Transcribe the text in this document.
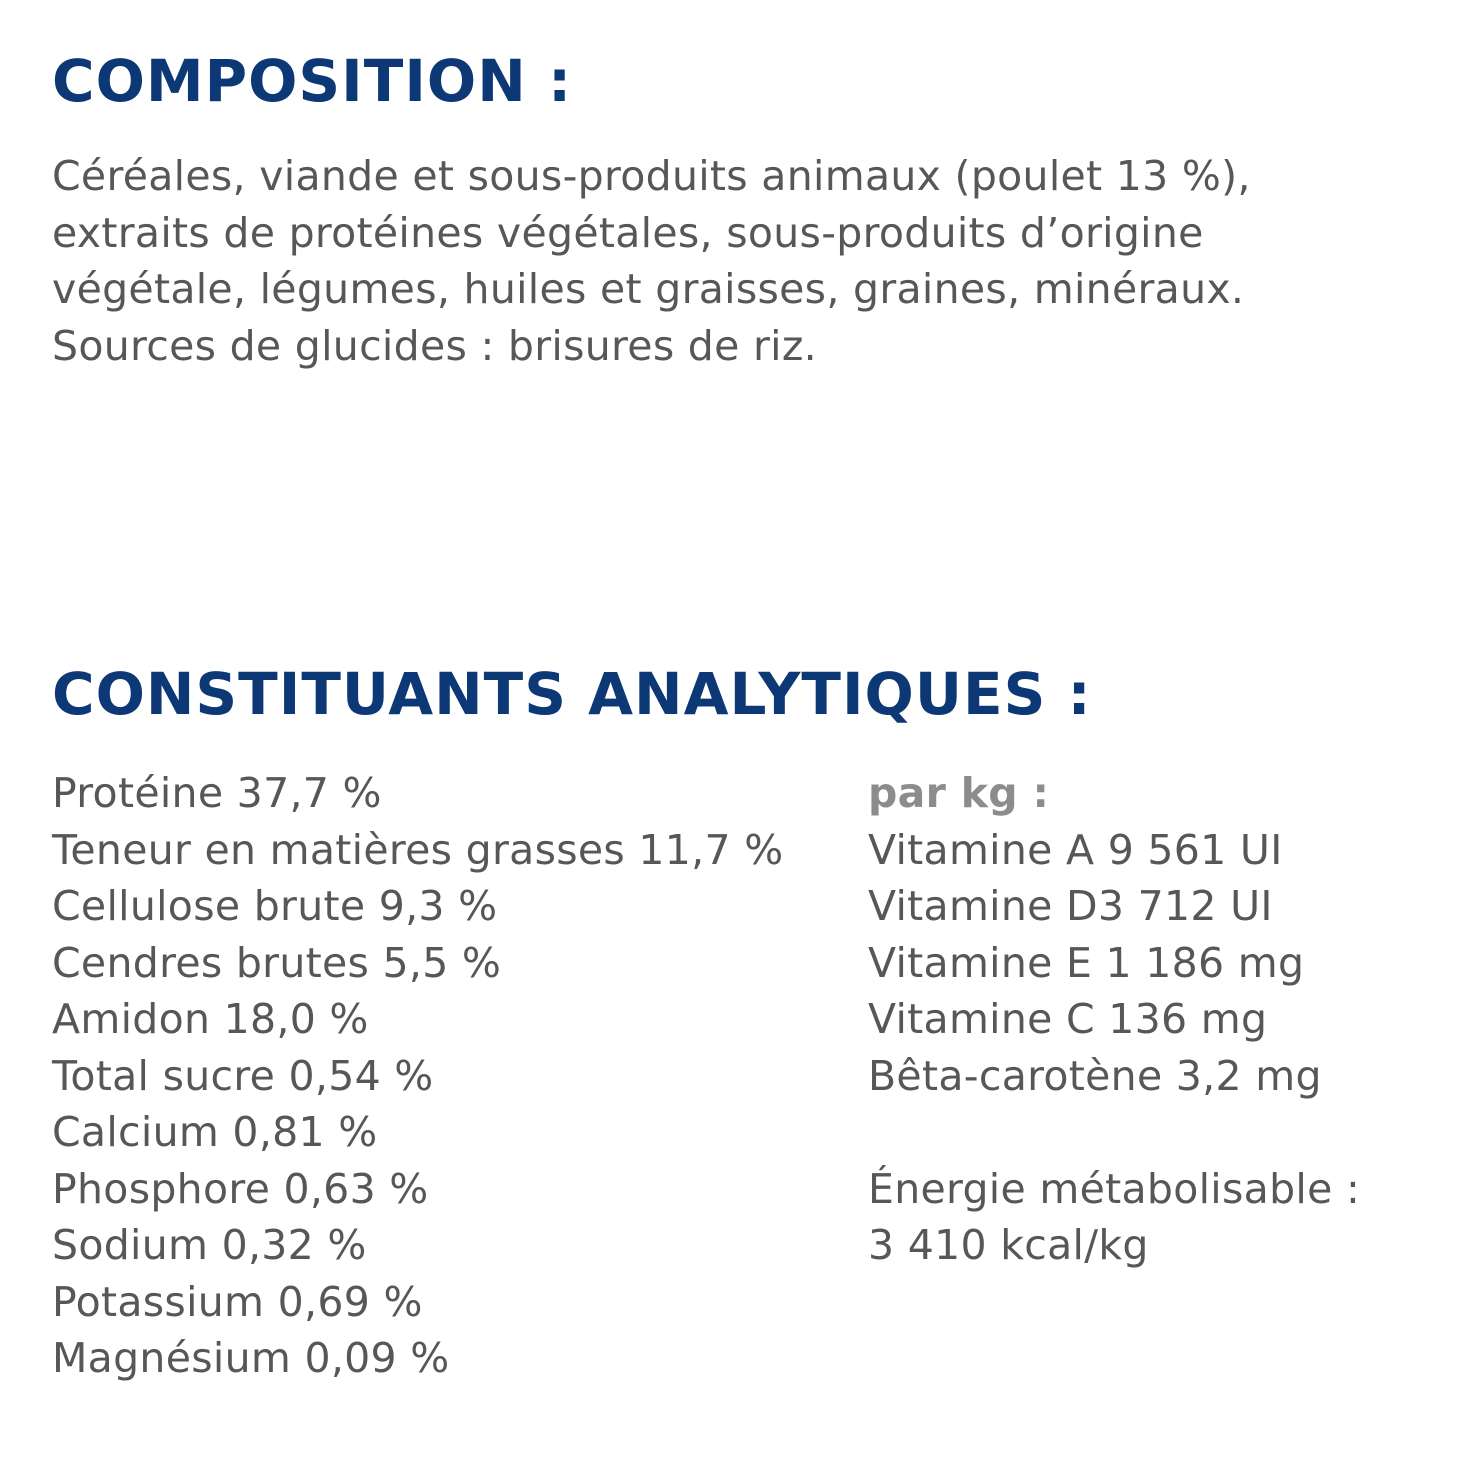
COMPOSITION :

Céréales, viande et sous-produits animaux (poulet 13 %),
extraits de protéines végétales, sous-produits d’origine
végétale, légumes, huiles et graisses, graines, minéraux.
Sources de glucides : brisures de riz.

CONSTITUANTS ANALYTIQUES :
Protéine 37,7 %
Teneur en matières grasses 11,7 %
Cellulose brute 9,3 %
Cendres brutes 5,5 %
Amidon 18,0 %
Total sucre 0,54 %
Calcium 0,81 %
Phosphore 0,63 %
Sodium 0,32 %
Potassium 0,69 %
Magnésium 0,09 %
par kg :
Vitamine A 9 561 UI
Vitamine D3 712 UI
Vitamine E 1 186 mg
Vitamine C 136 mg
Bêta-carotène 3,2 mg
Énergie métabolisable :
3 410 kcal/kg
